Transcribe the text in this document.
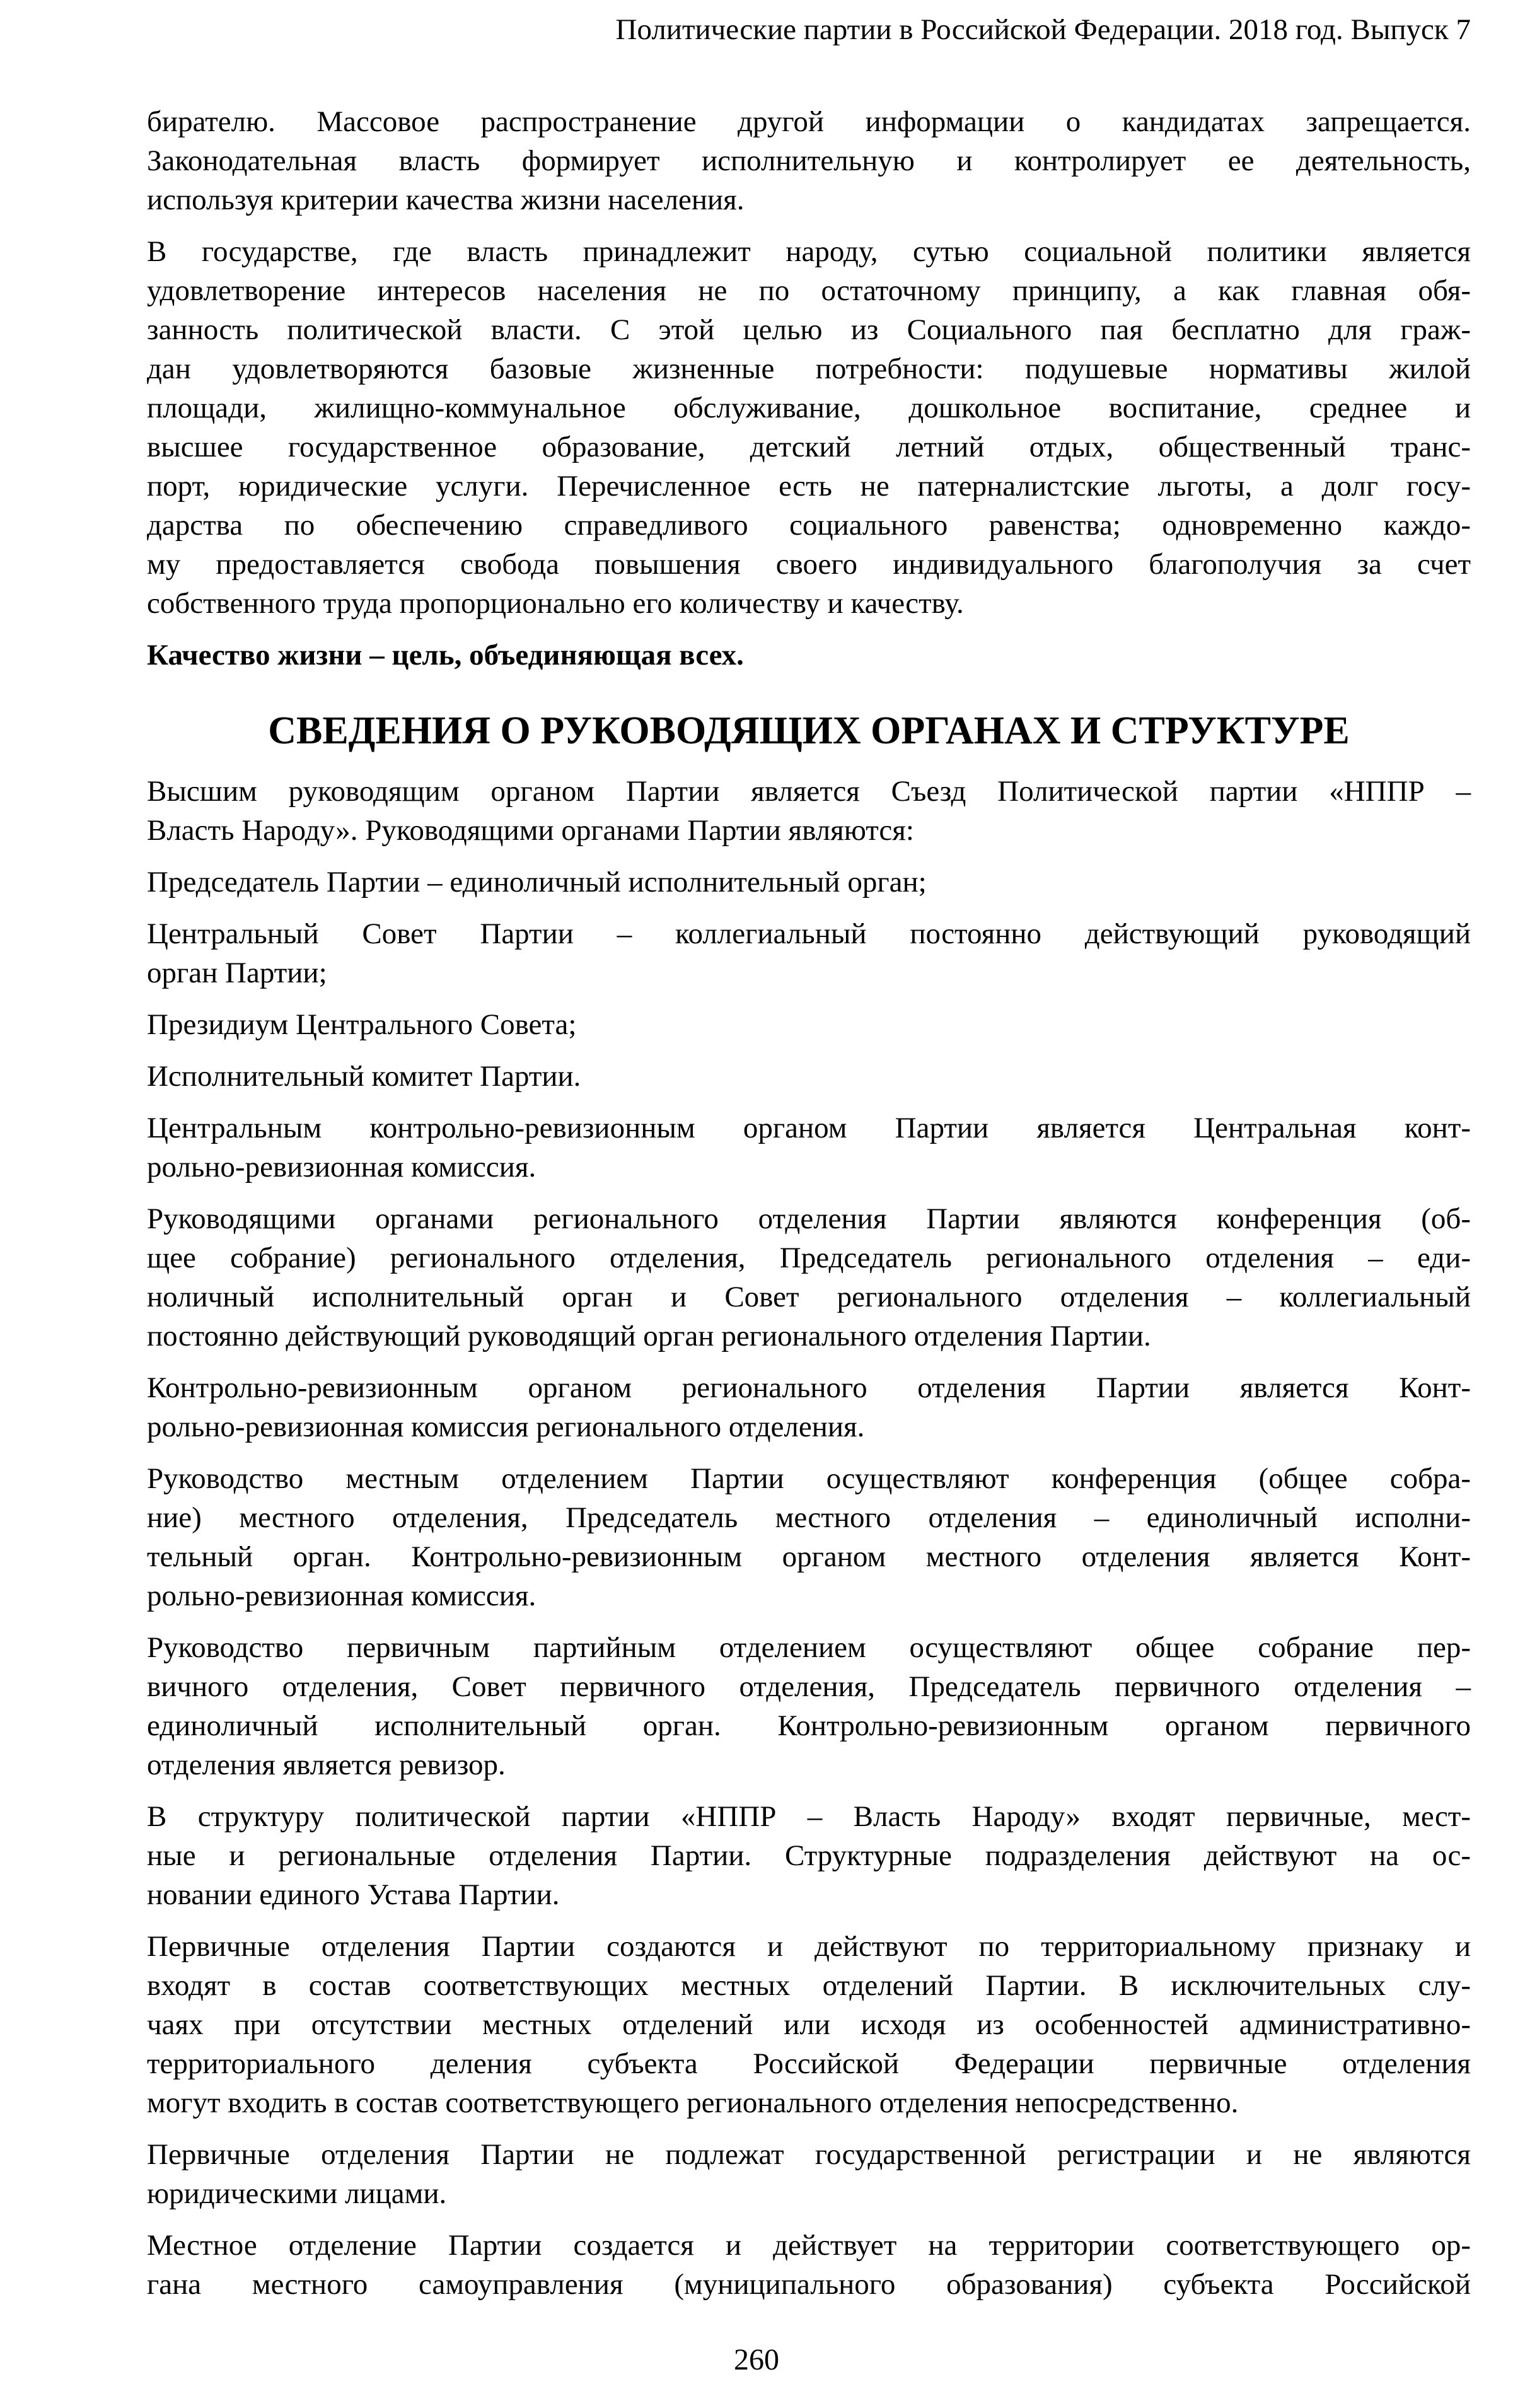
Политические партии в Российской Федерации. 2018 год. Выпуск 7
бирателю. Массовое распространение другой информации о кандидатах запрещается.
Законодательная власть формирует исполнительную и контролирует ее деятельность,
используя критерии качества жизни населения.
В государстве, где власть принадлежит народу, сутью социальной политики является
удовлетворение интересов населения не по остаточному принципу, а как главная обя-
занность политической власти. С этой целью из Социального пая бесплатно для граж-
дан удовлетворяются базовые жизненные потребности: подушевые нормативы жилой
площади, жилищно-коммунальное обслуживание, дошкольное воспитание, среднее и
высшее государственное образование, детский летний отдых, общественный транс-
порт, юридические услуги. Перечисленное есть не патерналистские льготы, а долг госу-
дарства по обеспечению справедливого социального равенства; одновременно каждо-
му предоставляется свобода повышения своего индивидуального благополучия за счет
собственного труда пропорционально его количеству и качеству.
Качество жизни – цель, объединяющая всех.
СВЕДЕНИЯ О РУКОВОДЯЩИХ ОРГАНАХ И СТРУКТУРЕ
Высшим руководящим органом Партии является Съезд Политической партии «НППР –
Власть Народу». Руководящими органами Партии являются:
Председатель Партии – единоличный исполнительный орган;
Центральный Совет Партии – коллегиальный постоянно действующий руководящий
орган Партии;
Президиум Центрального Совета;
Исполнительный комитет Партии.
Центральным контрольно-ревизионным органом Партии является Центральная конт-
рольно-ревизионная комиссия.
Руководящими органами регионального отделения Партии являются конференция (об-
щее собрание) регионального отделения, Председатель регионального отделения – еди-
ноличный исполнительный орган и Совет регионального отделения – коллегиальный
постоянно действующий руководящий орган регионального отделения Партии.
Контрольно-ревизионным органом регионального отделения Партии является Конт-
рольно-ревизионная комиссия регионального отделения.
Руководство местным отделением Партии осуществляют конференция (общее собра-
ние) местного отделения, Председатель местного отделения – единоличный исполни-
тельный орган. Контрольно-ревизионным органом местного отделения является Конт-
рольно-ревизионная комиссия.
Руководство первичным партийным отделением осуществляют общее собрание пер-
вичного отделения, Совет первичного отделения, Председатель первичного отделения –
единоличный исполнительный орган. Контрольно-ревизионным органом первичного
отделения является ревизор.
В структуру политической партии «НППР – Власть Народу» входят первичные, мест-
ные и региональные отделения Партии. Структурные подразделения действуют на ос-
новании единого Устава Партии.
Первичные отделения Партии создаются и действуют по территориальному признаку и
входят в состав соответствующих местных отделений Партии. В исключительных слу-
чаях при отсутствии местных отделений или исходя из особенностей административно-
территориального деления субъекта Российской Федерации первичные отделения
могут входить в состав соответствующего регионального отделения непосредственно.
Первичные отделения Партии не подлежат государственной регистрации и не являются
юридическими лицами.
Местное отделение Партии создается и действует на территории соответствующего ор-
гана местного самоуправления (муниципального образования) субъекта Российской
260
